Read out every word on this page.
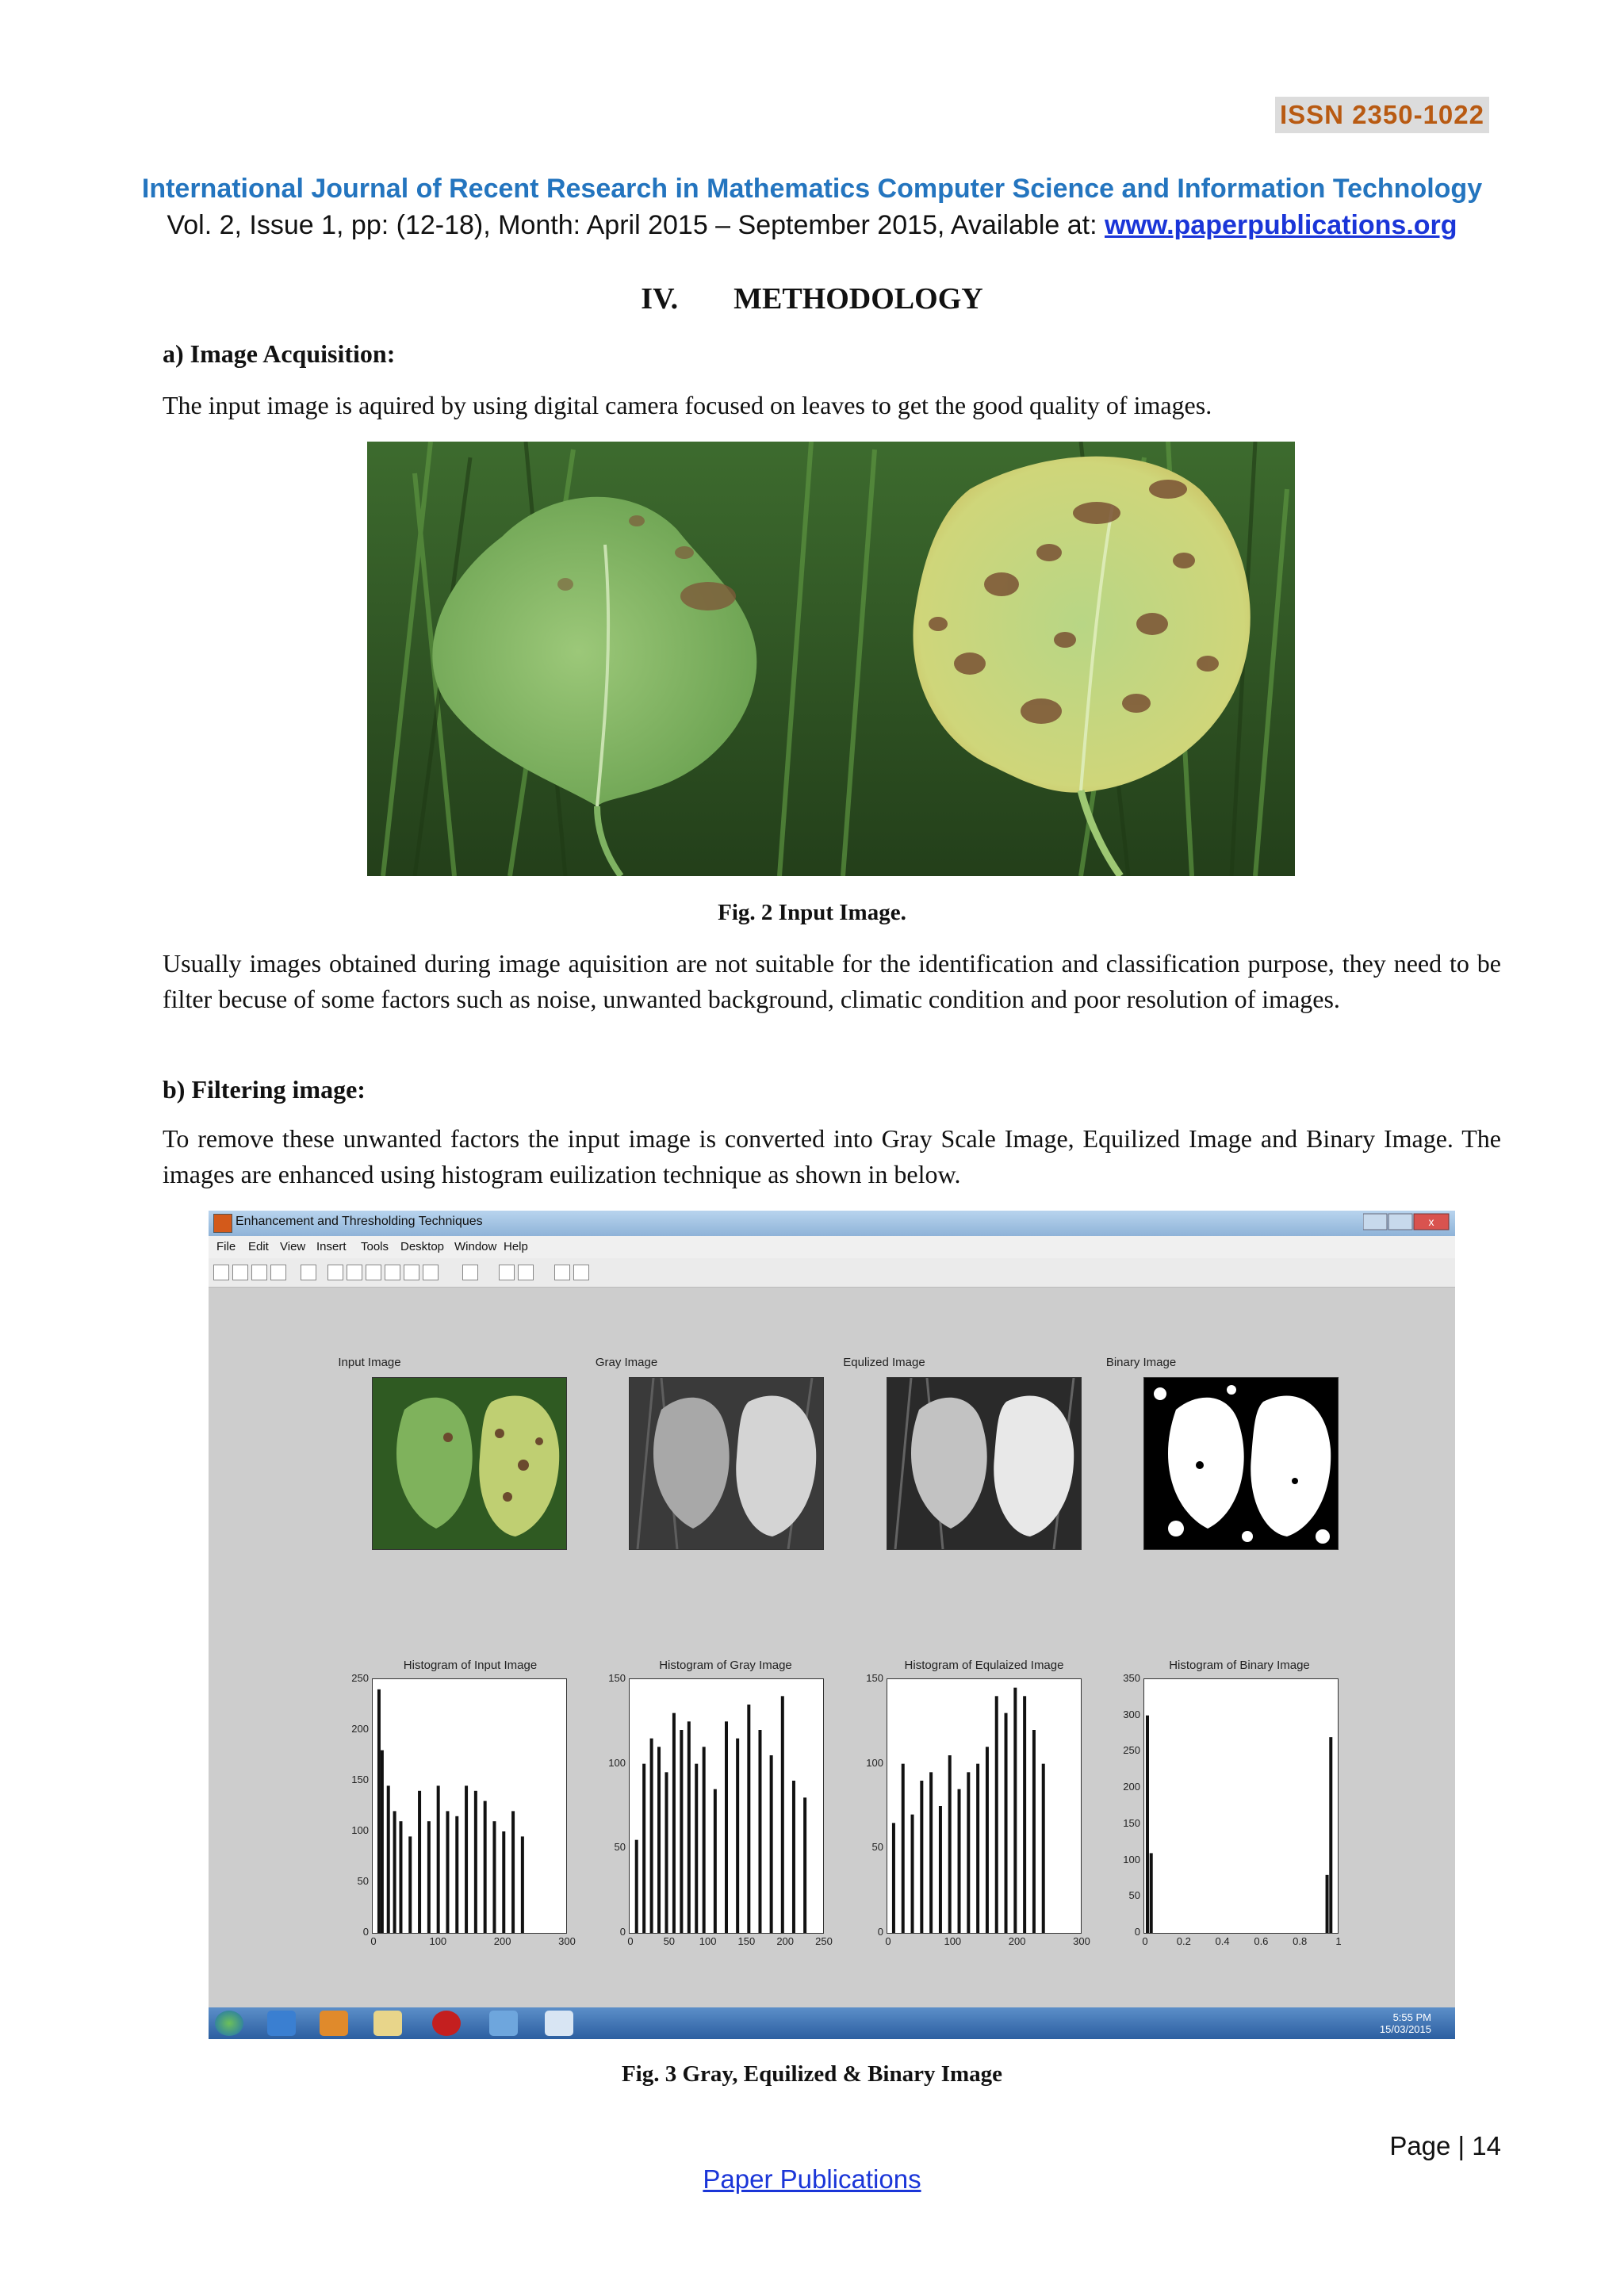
ISSN 2350-1022
International Journal of Recent Research in Mathematics Computer Science and Information Technology
Vol. 2, Issue 1, pp: (12-18), Month: April 2015 – September 2015, Available at: www.paperpublications.org
IV. METHODOLOGY
a) Image Acquisition:
The input image is aquired by using digital camera focused on leaves to get the good quality of images.
Fig. 2 Input Image.
Usually images obtained during image aquisition are not suitable for the identification and classification purpose, they need to be filter becuse of some factors such as noise, unwanted background, climatic condition and poor resolution of images.
b) Filtering image:
To remove these unwanted factors the input image is converted into Gray Scale Image, Equilized Image and Binary Image. The images are enhanced using histogram euilization technique as shown in below.
Enhancement and Thresholding Techniques	x
File Edit View Insert Tools Desktop Window Help
Input Image	Gray Image	Equlized Image	Binary Image
Histogram of Input Image	Histogram of Gray Image	Histogram of Equlaized Image	Histogram of Binary Image
5:55 PM
15/03/2015
0
50
100
150
200
250
0	100	200	300
0
50
100
150
0	50	100 150 200 250
0
50
100
150
0	100	200	300
0
50
100
150
200
250
300
350
0	0.2 0.4 0.6 0.8	1
Fig. 3 Gray, Equilized & Binary Image
Page | 14
Paper Publications
